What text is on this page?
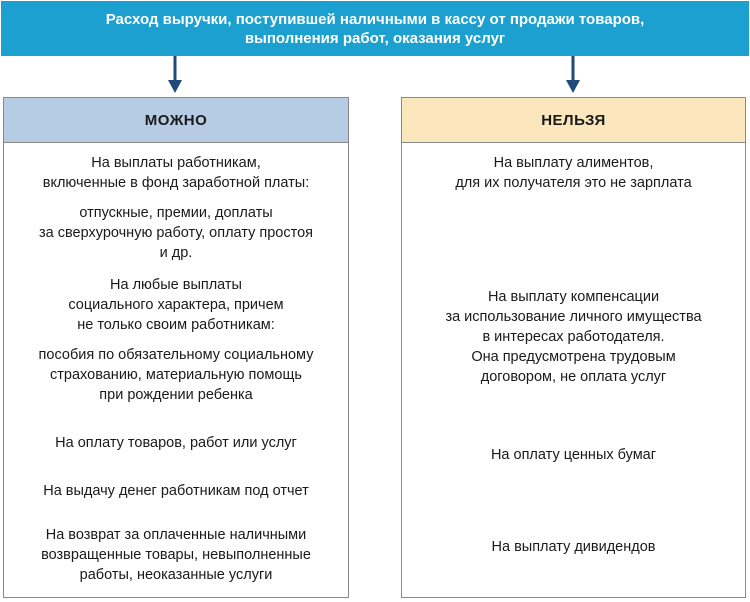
Расход выручки, поступившей наличными в кассу от продажи товаров,
выполнения работ, оказания услуг
МОЖНО
На выплаты работникам,
включенные в фонд заработной платы:
отпускные, премии, доплаты
за сверхурочную работу, оплату простоя
и др.
На любые выплаты
социального характера, причем
не только своим работникам:
пособия по обязательному социальному
страхованию, материальную помощь
при рождении ребенка
На оплату товаров, работ или услуг
На выдачу денег работникам под отчет
На возврат за оплаченные наличными
возвращенные товары, невыполненные
работы, неоказанные услуги
НЕЛЬЗЯ
На выплату алиментов,
для их получателя это не зарплата
На выплату компенсации
за использование личного имущества
в интересах работодателя.
Она предусмотрена трудовым
договором, не оплата услуг
На оплату ценных бумаг
На выплату дивидендов
